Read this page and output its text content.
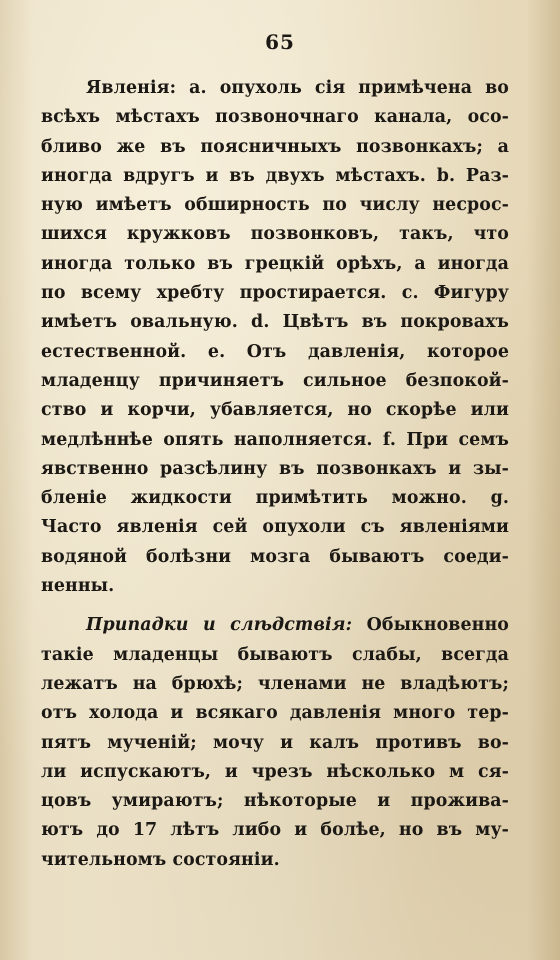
65
Явленія: а. опухоль сія примѣчена во
всѣхъ мѣстахъ позвоночнаго канала, осо-
бливо же въ поясничныхъ позвонкахъ; а
иногда вдругъ и въ двухъ мѣстахъ. b. Раз-
ную имѣетъ обширность по числу несрос-
шихся кружковъ позвонковъ, такъ, что
иногда только въ грецкій орѣхъ, а иногда
по всему хребту простирается. c. Фигуру
имѣетъ овальную. d. Цвѣтъ въ покровахъ
естественной. e. Отъ давленія, которое
младенцу причиняетъ сильное безпокой-
ство и корчи, убавляется, но скорѣе или
медлѣннѣе опять наполняется. f. При семъ
явственно разсѣлину въ позвонкахъ и зы-
бленіе жидкости примѣтить можно. g.
Часто явленія сей опухоли съ явленіями
водяной болѣзни мозга бываютъ соеди-
ненны.
Припадки и слѣдствія: Обыкновенно
такіе младенцы бываютъ слабы, всегда
лежатъ на брюхѣ; членами не владѣютъ;
отъ холода и всякаго давленія много тер-
пятъ мученій; мочу и калъ противъ во-
ли испускаютъ, и чрезъ нѣсколько м ся-
цовъ умираютъ; нѣкоторые и прожива-
ютъ до 17 лѣтъ либо и болѣе, но въ му-
чительномъ состояніи.
